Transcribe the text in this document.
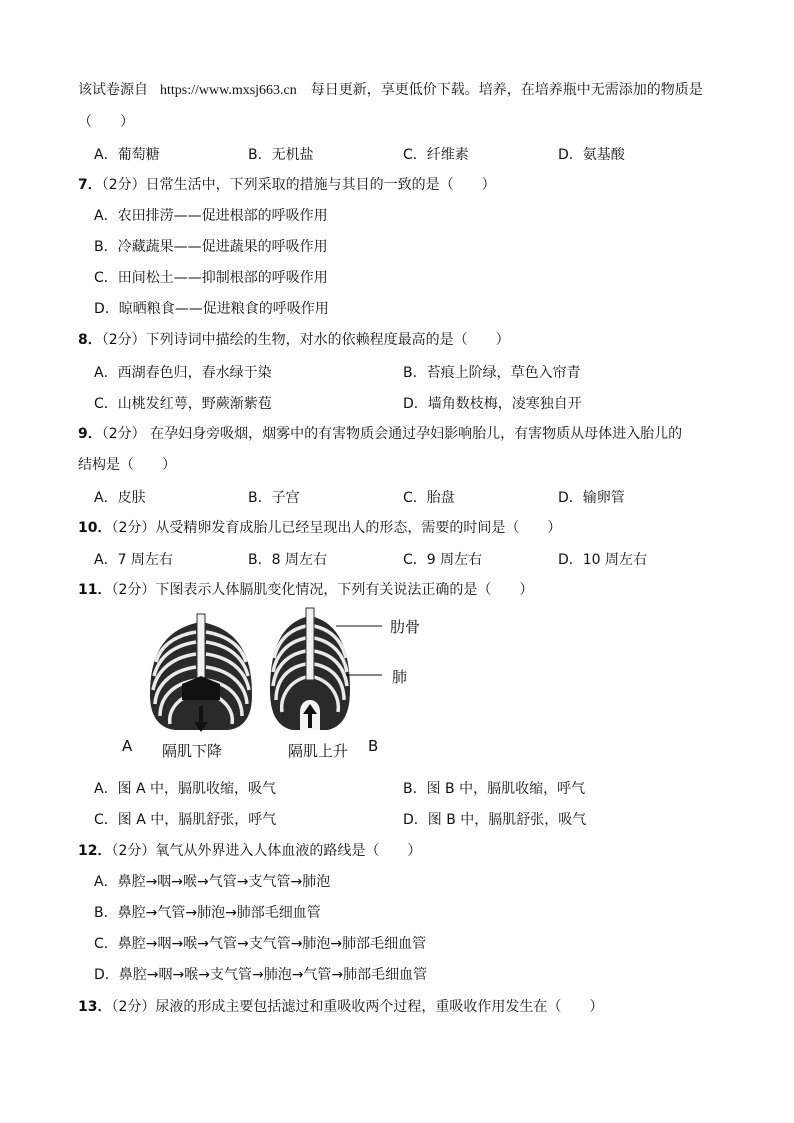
该试卷源自 https://www.mxsj663.cn 每日更新，享更低价下载。培养，在培养瓶中无需添加的物质是
（　　）
A．葡萄糖	B．无机盐	C．纤维素	D．氨基酸
7．（2分）日常生活中，下列采取的措施与其目的一致的是（　　）
A．农田排涝——促进根部的呼吸作用
B．冷藏蔬果——促进蔬果的呼吸作用
C．田间松土——抑制根部的呼吸作用
D．晾晒粮食——促进粮食的呼吸作用
8．（2分）下列诗词中描绘的生物，对水的依赖程度最高的是（　　）
A．西湖春色归，春水绿于染	B．苔痕上阶绿，草色入帘青
C．山桃发红萼，野蕨渐紫苞	D．墙角数枝梅，凌寒独自开
9．（2分） 在孕妇身旁吸烟，烟雾中的有害物质会通过孕妇影响胎儿，有害物质从母体进入胎儿的
结构是（　　）
A．皮肤	B．子宫	C．胎盘	D．输卵管
10．（2分）从受精卵发育成胎儿已经呈现出人的形态，需要的时间是（　　）
A．7 周左右	B．8 周左右	C．9 周左右	D．10 周左右
11．（2分）下图表示人体膈肌变化情况，下列有关说法正确的是（　　）
肋骨
肺
A 隔肌下降	隔肌上升 B
A．图 A 中，膈肌收缩，吸气	B．图 B 中，膈肌收缩，呼气
C．图 A 中，膈肌舒张，呼气	D．图 B 中，膈肌舒张，吸气
12．（2分）氧气从外界进入人体血液的路线是（　　）
A．鼻腔→咽→喉→气管→支气管→肺泡
B．鼻腔→气管→肺泡→肺部毛细血管
C．鼻腔→咽→喉→气管→支气管→肺泡→肺部毛细血管
D．鼻腔→咽→喉→支气管→肺泡→气管→肺部毛细血管
13．（2分）尿液的形成主要包括滤过和重吸收两个过程，重吸收作用发生在（　　）
